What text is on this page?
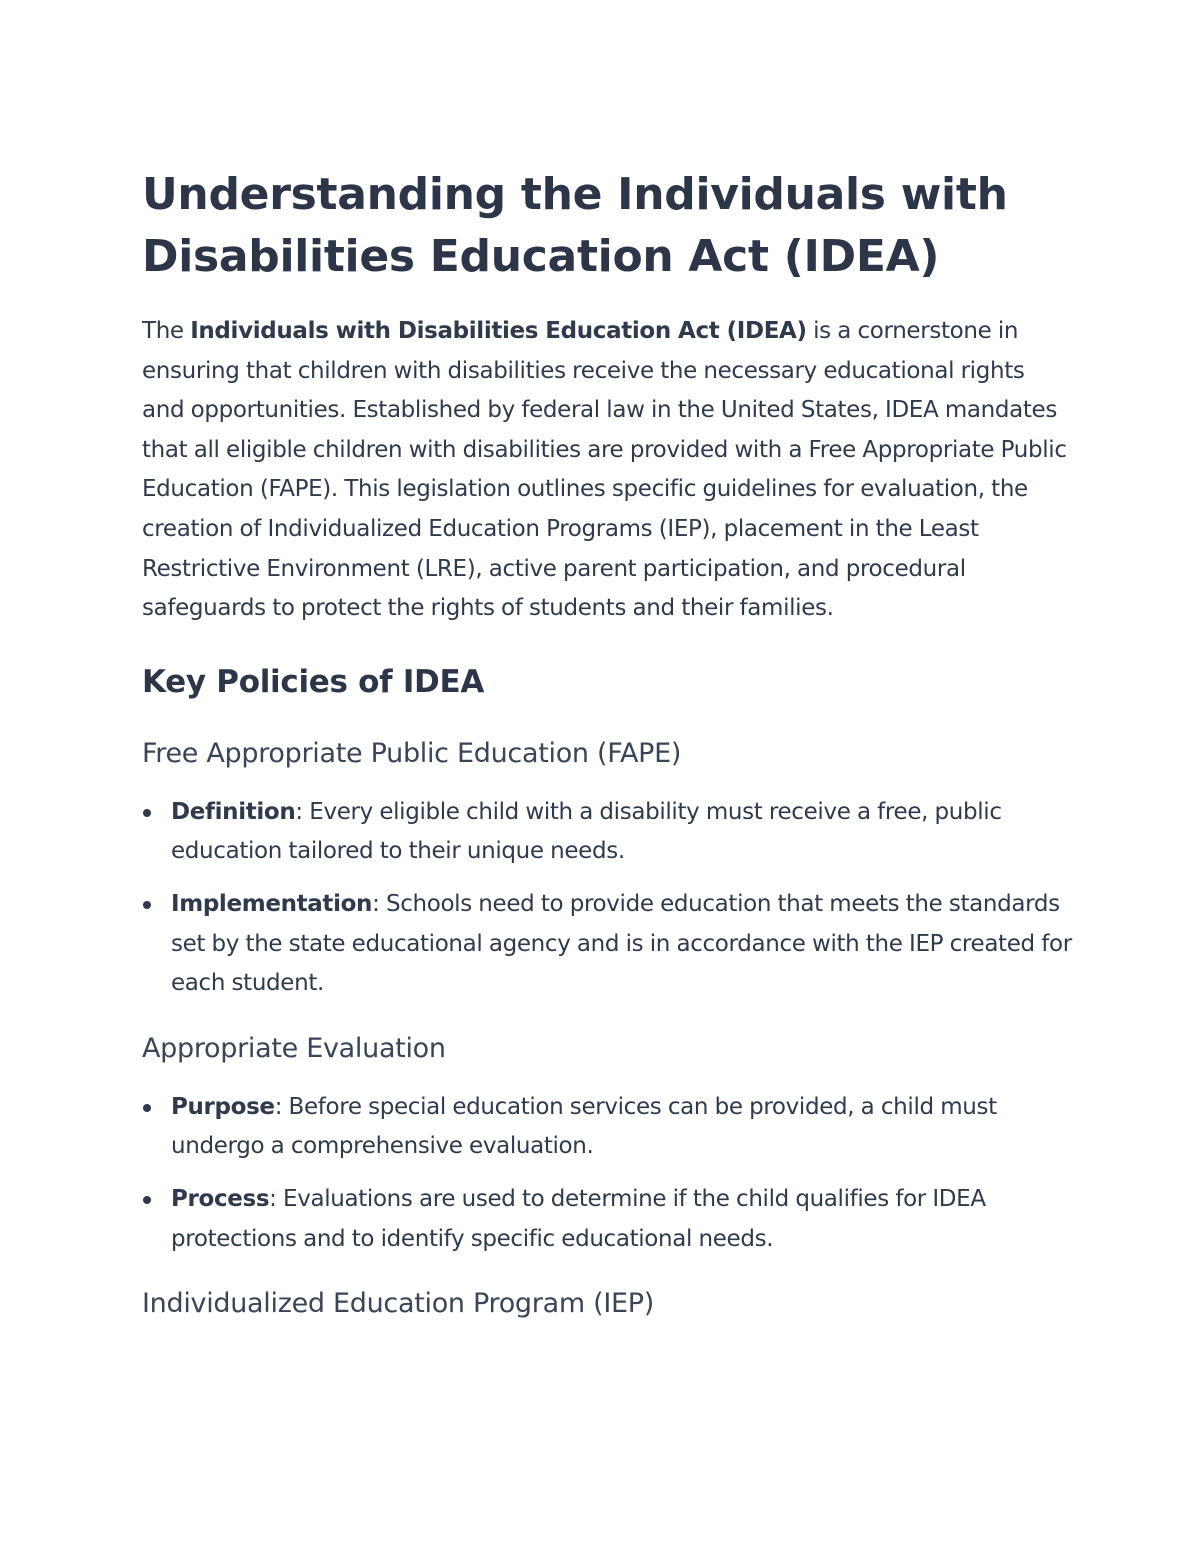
Understanding the Individuals with Disabilities Education Act (IDEA)

The Individuals with Disabilities Education Act (IDEA) is a cornerstone in ensuring that children with disabilities receive the necessary educational rights and opportunities. Established by federal law in the United States, IDEA mandates that all eligible children with disabilities are provided with a Free Appropriate Public Education (FAPE). This legislation outlines specific guidelines for evaluation, the creation of Individualized Education Programs (IEP), placement in the Least Restrictive Environment (LRE), active parent participation, and procedural safeguards to protect the rights of students and their families.

Key Policies of IDEA
Free Appropriate Public Education (FAPE)
Definition: Every eligible child with a disability must receive a free, public education tailored to their unique needs.
Implementation: Schools need to provide education that meets the standards set by the state educational agency and is in accordance with the IEP created for each student.
Appropriate Evaluation
Purpose: Before special education services can be provided, a child must undergo a comprehensive evaluation.
Process: Evaluations are used to determine if the child qualifies for IDEA protections and to identify specific educational needs.
Individualized Education Program (IEP)
